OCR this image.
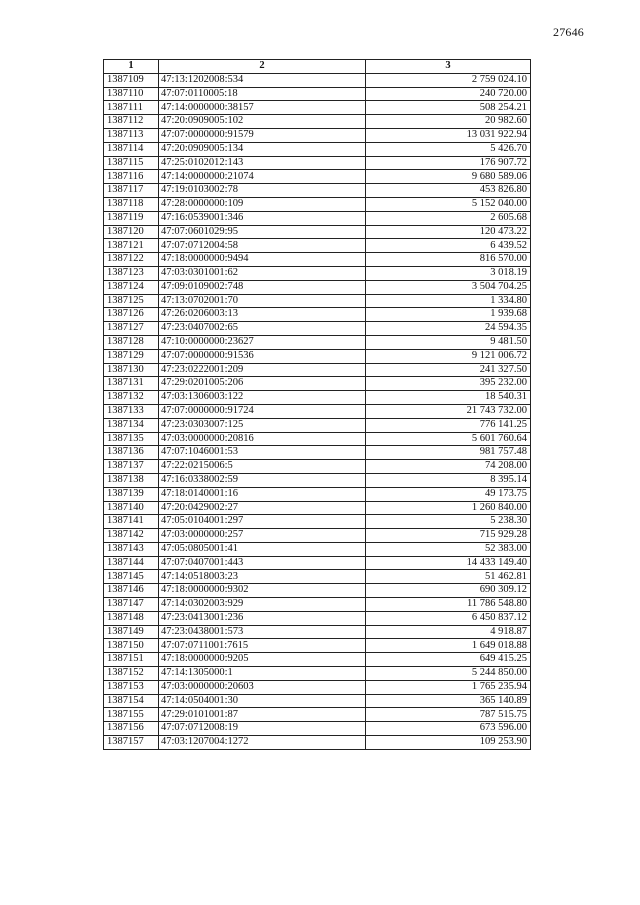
27646
1	2	3
1387109	47:13:1202008:534	2 759 024.10
1387110	47:07:0110005:18	240 720.00
1387111	47:14:0000000:38157	508 254.21
1387112	47:20:0909005:102	20 982.60
1387113	47:07:0000000:91579	13 031 922.94
1387114	47:20:0909005:134	5 426.70
1387115	47:25:0102012:143	176 907.72
1387116	47:14:0000000:21074	9 680 589.06
1387117	47:19:0103002:78	453 826.80
1387118	47:28:0000000:109	5 152 040.00
1387119	47:16:0539001:346	2 605.68
1387120	47:07:0601029:95	120 473.22
1387121	47:07:0712004:58	6 439.52
1387122	47:18:0000000:9494	816 570.00
1387123	47:03:0301001:62	3 018.19
1387124	47:09:0109002:748	3 504 704.25
1387125	47:13:0702001:70	1 334.80
1387126	47:26:0206003:13	1 939.68
1387127	47:23:0407002:65	24 594.35
1387128	47:10:0000000:23627	9 481.50
1387129	47:07:0000000:91536	9 121 006.72
1387130	47:23:0222001:209	241 327.50
1387131	47:29:0201005:206	395 232.00
1387132	47:03:1306003:122	18 540.31
1387133	47:07:0000000:91724	21 743 732.00
1387134	47:23:0303007:125	776 141.25
1387135	47:03:0000000:20816	5 601 760.64
1387136	47:07:1046001:53	981 757.48
1387137	47:22:0215006:5	74 208.00
1387138	47:16:0338002:59	8 395.14
1387139	47:18:0140001:16	49 173.75
1387140	47:20:0429002:27	1 260 840.00
1387141	47:05:0104001:297	5 238.30
1387142	47:03:0000000:257	715 929.28
1387143	47:05:0805001:41	52 383.00
1387144	47:07:0407001:443	14 433 149.40
1387145	47:14:0518003:23	51 462.81
1387146	47:18:0000000:9302	690 309.12
1387147	47:14:0302003:929	11 786 548.80
1387148	47:23:0413001:236	6 450 837.12
1387149	47:23:0438001:573	4 918.87
1387150	47:07:0711001:7615	1 649 018.88
1387151	47:18:0000000:9205	649 415.25
1387152	47:14:1305000:1	5 244 850.00
1387153	47:03:0000000:20603	1 765 235.94
1387154	47:14:0504001:30	365 140.89
1387155	47:29:0101001:87	787 515.75
1387156	47:07:0712008:19	673 596.00
1387157	47:03:1207004:1272	109 253.90
